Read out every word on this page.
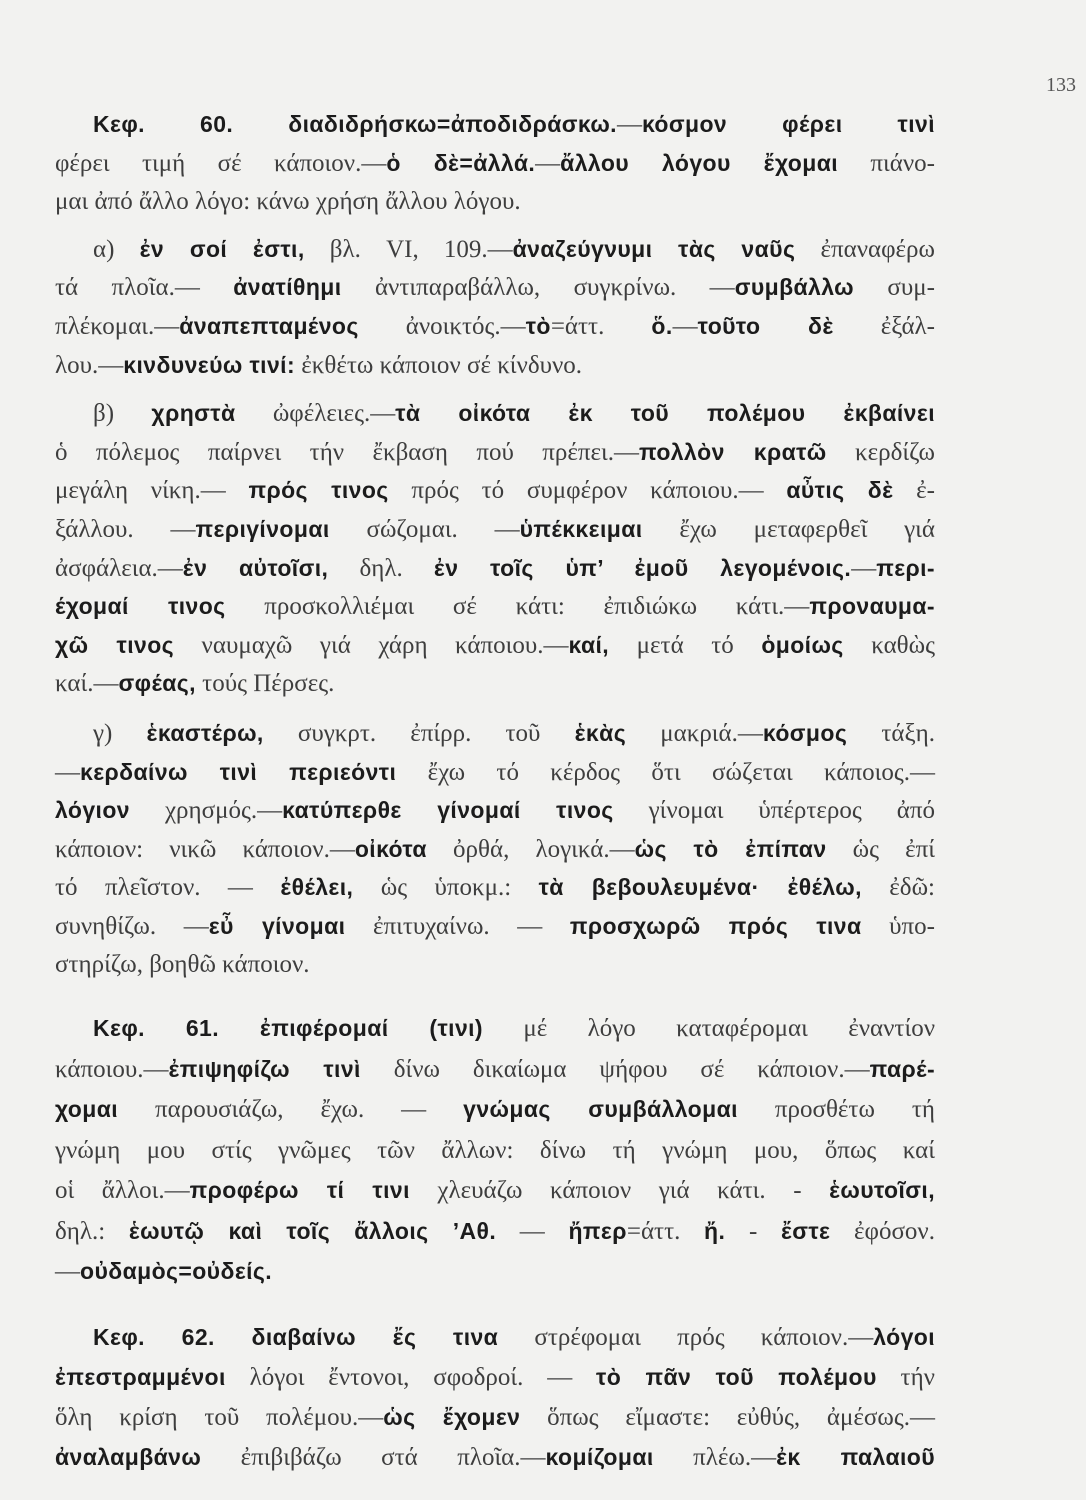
133
Κεφ. 60. διαδιδρήσκω=ἀποδιδράσκω.—κόσμον φέρει τινὶ
φέρει τιμή σέ κάποιον.—ὁ δὲ=ἀλλά.—ἄλλου λόγου ἔχομαι πιάνο-
μαι ἀπό ἄλλο λόγο: κάνω χρήση ἄλλου λόγου.
α) ἐν σοί ἐστι, βλ. VI, 109.—ἀναζεύγνυμι τὰς ναῦς ἐπαναφέρω
τά πλοῖα.— ἀνατίθημι ἀντιπαραβάλλω, συγκρίνω. —συμβάλλω συμ-
πλέκομαι.—ἀναπεπταμένος ἀνοικτός.—τὸ=άττ. ὅ.—τοῦτο δὲ ἐξάλ-
λου.—κινδυνεύω τινί: ἐκθέτω κάποιον σέ κίνδυνο.
β) χρηστὰ ὠφέλειες.—τὰ οἰκότα ἐκ τοῦ πολέμου ἐκβαίνει
ὁ πόλεμος παίρνει τήν ἔκβαση πού πρέπει.—πολλὸν κρατῶ κερδίζω
μεγάλη νίκη.— πρός τινος πρός τό συμφέρον κάποιου.— αὖτις δὲ ἐ-
ξάλλου. —περιγίνομαι σώζομαι. —ὑπέκκειμαι ἔχω μεταφερθεῖ γιά
ἀσφάλεια.—ἐν αὐτοῖσι, δηλ. ἐν τοῖς ὑπ’ ἐμοῦ λεγομένοις.—περι-
έχομαί τινος προσκολλιέμαι σέ κάτι: ἐπιδιώκω κάτι.—προναυμα-
χῶ τινος ναυμαχῶ γιά χάρη κάποιου.—καί, μετά τό ὁμοίως καθὼς
καί.—σφέας, τούς Πέρσες.
γ) ἑκαστέρω, συγκρτ. ἐπίρρ. τοῦ ἑκὰς μακριά.—κόσμος τάξη.
—κερδαίνω τινὶ περιεόντι ἔχω τό κέρδος ὅτι σώζεται κάποιος.—
λόγιον χρησμός.—κατύπερθε γίνομαί τινος γίνομαι ὑπέρτερος ἀπό
κάποιον: νικῶ κάποιον.—οἰκότα ὀρθά, λογικά.—ὡς τὸ ἐπίπαν ὡς ἐπί
τό πλεῖστον. — ἐθέλει, ὡς ὑποκμ.: τὰ βεβουλευμένα· ἐθέλω, ἐδῶ:
συνηθίζω. —εὖ γίνομαι ἐπιτυχαίνω. — προσχωρῶ πρός τινα ὑπο-
στηρίζω, βοηθῶ κάποιον.
Κεφ. 61. ἐπιφέρομαί (τινι) μέ λόγο καταφέρομαι ἐναντίον
κάποιου.—ἐπιψηφίζω τινὶ δίνω δικαίωμα ψήφου σέ κάποιον.—παρέ-
χομαι παρουσιάζω, ἔχω. — γνώμας συμβάλλομαι προσθέτω τή
γνώμη μου στίς γνῶμες τῶν ἄλλων: δίνω τή γνώμη μου, ὅπως καί
οἱ ἄλλοι.—προφέρω τί τινι χλευάζω κάποιον γιά κάτι. - ἑωυτοῖσι,
δηλ.: ἑωυτῷ καὶ τοῖς ἄλλοις ’Αθ. — ἤπερ=άττ. ἤ. - ἔστε ἐφόσον.
—οὐδαμὸς=οὐδείς.
Κεφ. 62. διαβαίνω ἔς τινα στρέφομαι πρός κάποιον.—λόγοι
ἐπεστραμμένοι λόγοι ἔντονοι, σφοδροί. — τὸ πᾶν τοῦ πολέμου τήν
ὅλη κρίση τοῦ πολέμου.—ὡς ἔχομεν ὅπως εἴμαστε: εὐθύς, ἀμέσως.—
ἀναλαμβάνω ἐπιβιβάζω στά πλοῖα.—κομίζομαι πλέω.—ἐκ παλαιοῦ
